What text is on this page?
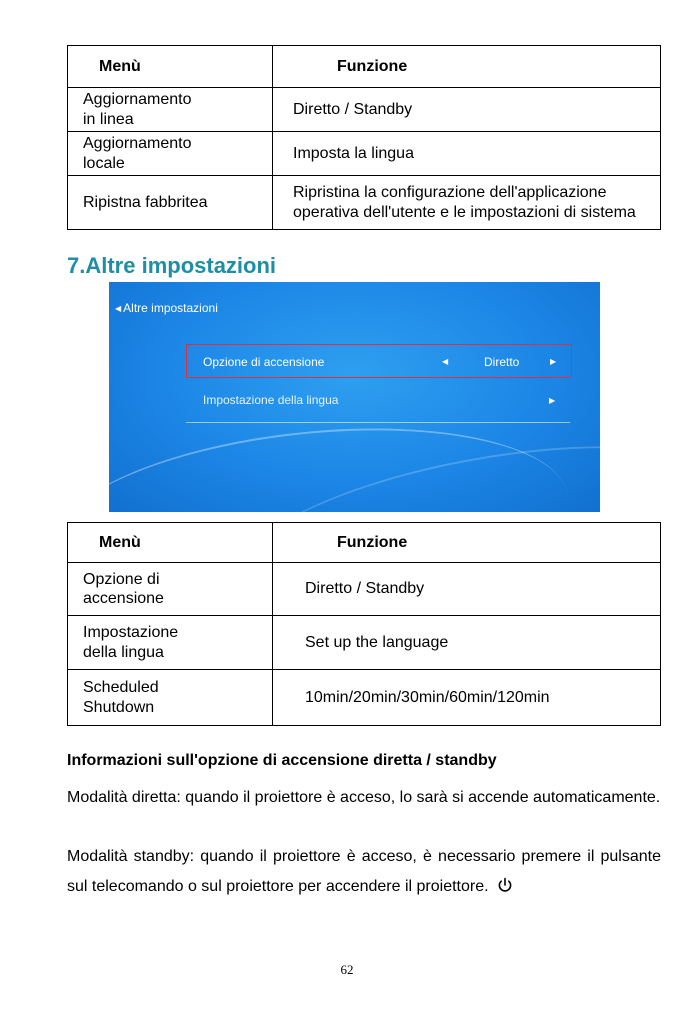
Menù	Funzione
Aggiornamento
in linea	Diretto / Standby
Aggiornamento
locale	Imposta la lingua
Ripistna fabbritea	Ripristina la configurazione dell'applicazione
operativa dell'utente e le impostazioni di sistema
7.Altre impostazioni
◀ Altre impostazioni
Opzione di accensione	◀	Diretto	▶
Impostazione della lingua	▶
Menù	Funzione
Opzione di
accensione	Diretto / Standby
Impostazione
della lingua	Set up the language
Scheduled
Shutdown	10min/20min/30min/60min/120min

Informazioni sull'opzione di accensione diretta / standby

Modalità diretta: quando il proiettore è acceso, lo sarà si accende automaticamente.

Modalità standby: quando il proiettore è acceso, è necessario premere il pulsante sul telecomando o sul proiettore per accendere il proiettore.

62
